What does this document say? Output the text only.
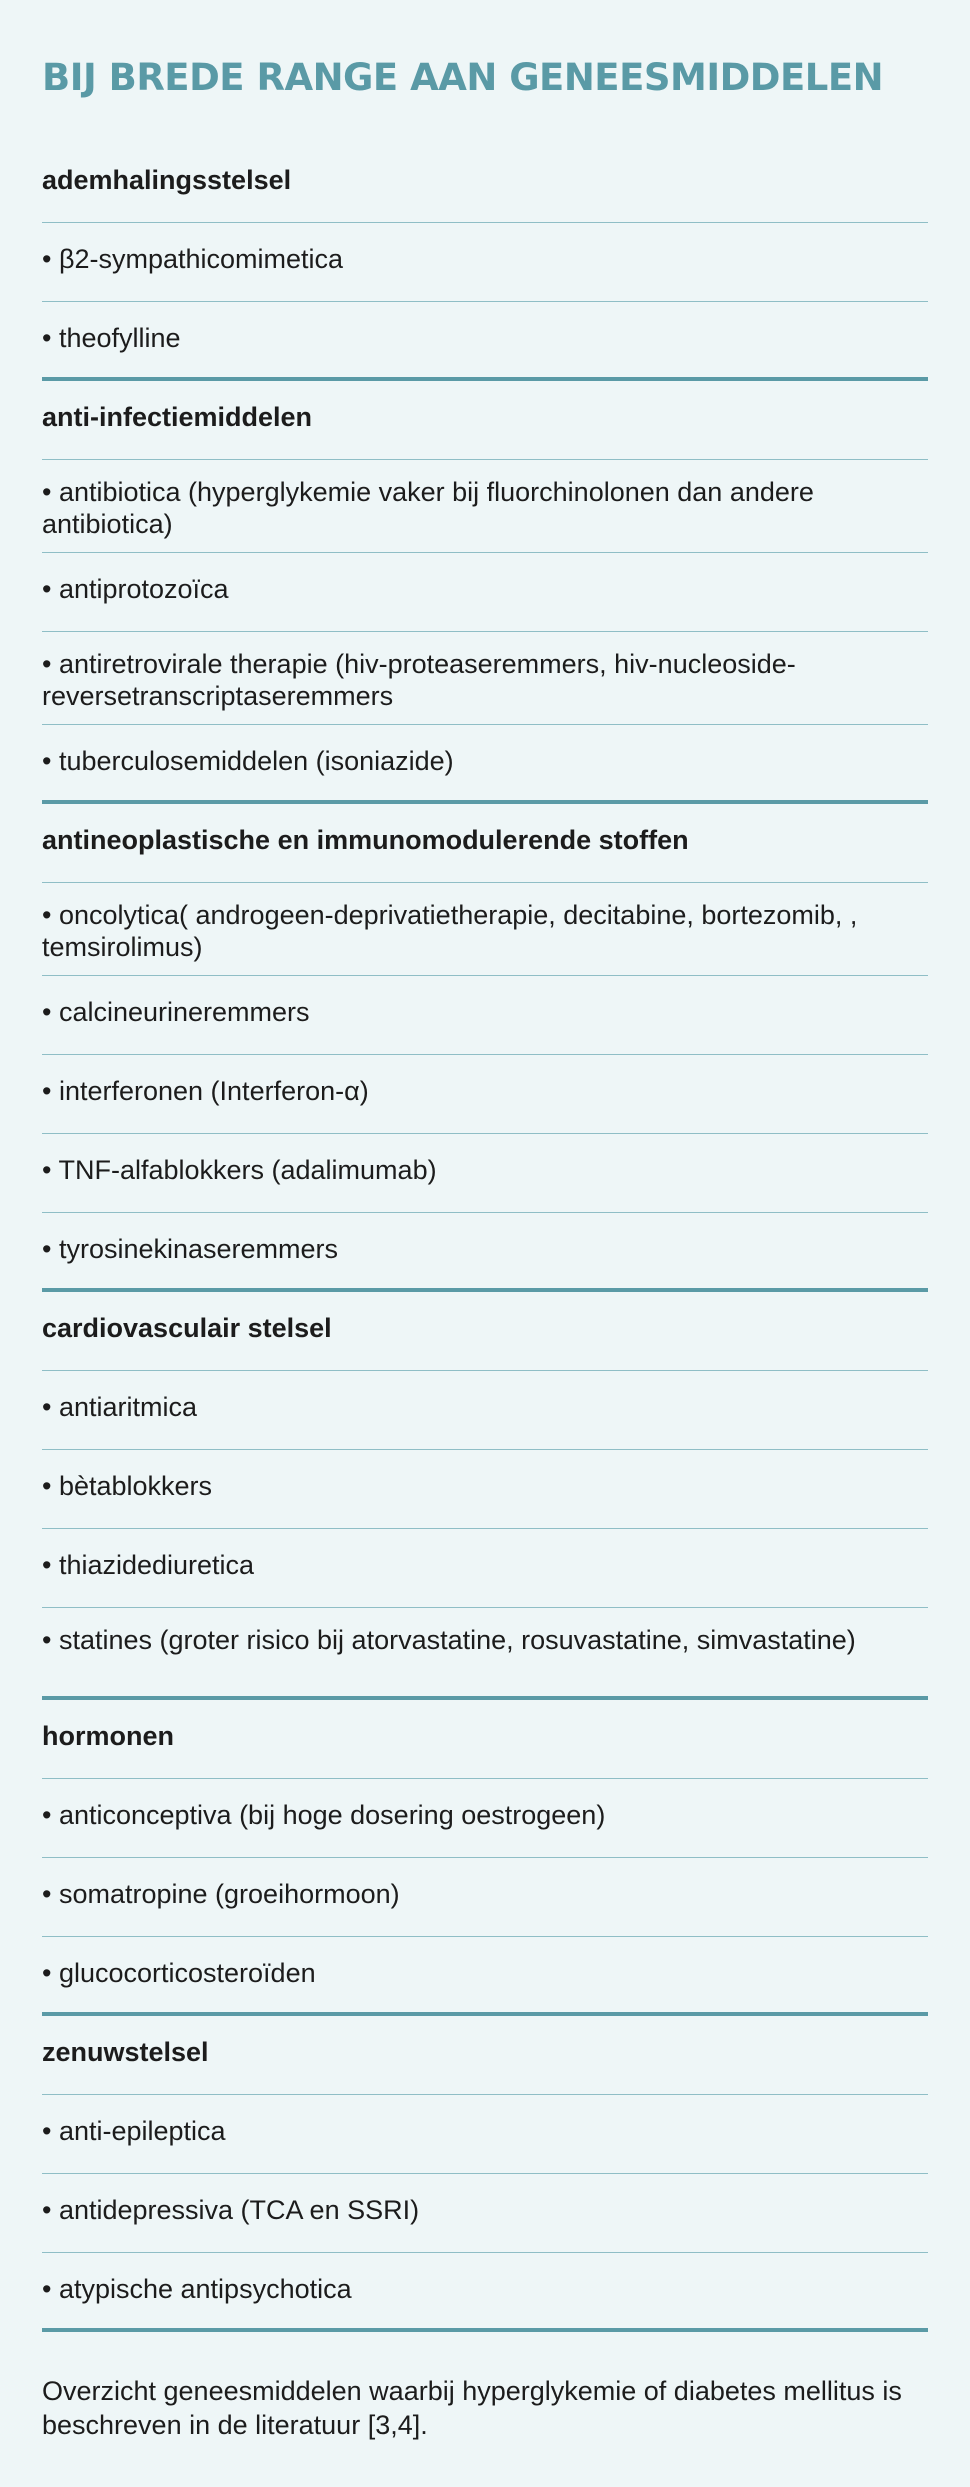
BIJ BREDE RANGE AAN GENEESMIDDELEN
ademhalingsstelsel
• β2-sympathicomimetica
• theofylline
anti-infectiemiddelen
• antibiotica (hyperglykemie vaker bij fluorchinolonen dan andere antibiotica)
• antiprotozoïca
• antiretrovirale therapie (hiv-proteaseremmers, hiv-nucleoside-reversetranscriptaseremmers
• tuberculosemiddelen (isoniazide)
antineoplastische en immunomodulerende stoffen
• oncolytica( androgeen-deprivatietherapie, decitabine, bortezomib, , temsirolimus)
• calcineurineremmers
• interferonen (Interferon-α)
• TNF-alfablokkers (adalimumab)
• tyrosinekinaseremmers
cardiovasculair stelsel
• antiaritmica
• bètablokkers
• thiazidediuretica
• statines (groter risico bij atorvastatine, rosuvastatine, simvastatine)
hormonen
• anticonceptiva (bij hoge dosering oestrogeen)
• somatropine (groeihormoon)
• glucocorticosteroïden
zenuwstelsel
• anti-epileptica
• antidepressiva (TCA en SSRI)
• atypische antipsychotica

Overzicht geneesmiddelen waarbij hyperglykemie of diabetes mellitus is beschreven in de literatuur [3,4].
